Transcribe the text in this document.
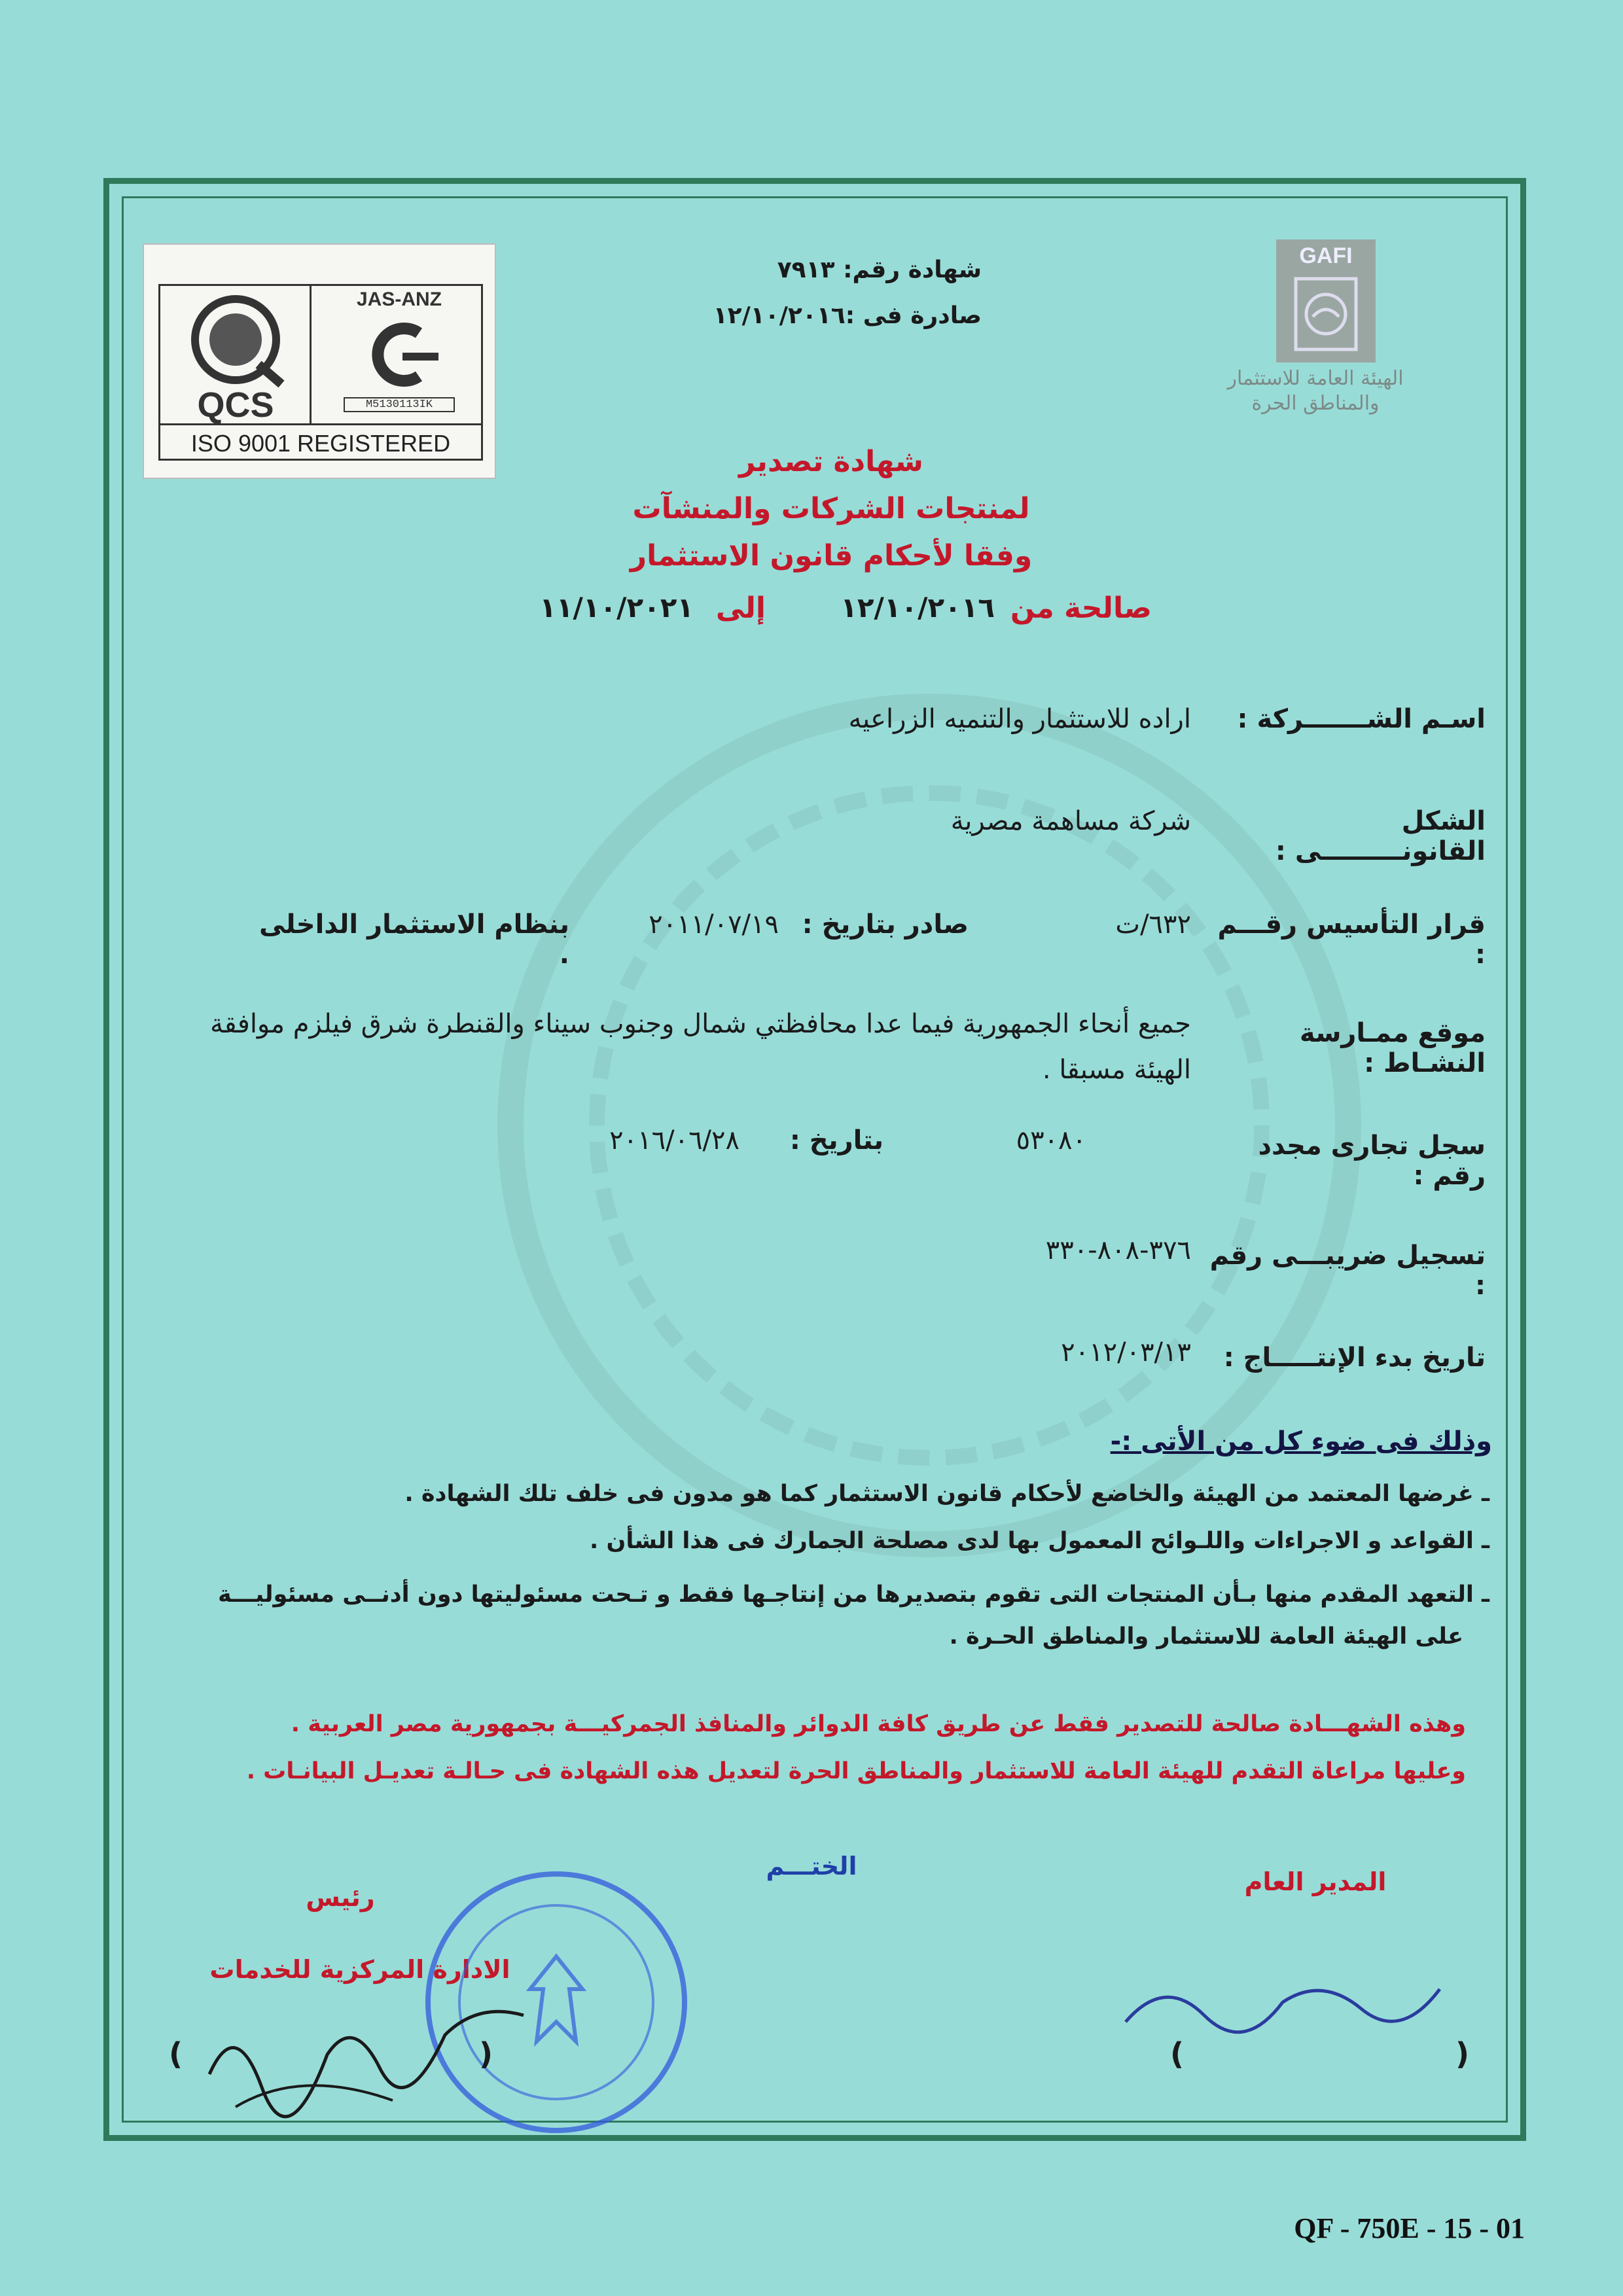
QCS
JAS-ANZ
M5130113IK
ISO 9001 REGISTERED
GAFI
الهيئة العامة للاستثمار
والمناطق الحرة
شهادة رقم: ٧٩١٣
صادرة فى :١٢/١٠/٢٠١٦
شهادة تصدير
لمنتجات الشركات والمنشآت
وفقا لأحكام قانون الاستثمار
صالحة من
١٢/١٠/٢٠١٦
إلى
١١/١٠/٢٠٢١
اسـم الشـــــــركة :
اراده للاستثمار والتنميه الزراعيه
الشكل القانونـــــــــى :
شركة مساهمة مصرية
قرار التأسيس رقـــم :
٦٣٢/ت
صادر بتاريخ :
٢٠١١/٠٧/١٩
بنظام الاستثمار الداخلى .
موقع ممـارسة النشـاط :
جميع أنحاء الجمهورية فيما عدا محافظتي شمال وجنوب سيناء والقنطرة شرق فيلزم موافقة
الهيئة مسبقا .
سجل تجارى مجدد رقم :
٥٣٠٨٠
بتاريخ :
٢٠١٦/٠٦/٢٨
تسجيل ضريبـــى رقم :
٣٧٦-٨٠٨-٣٣٠
تاريخ بدء الإنتـــــاج :
٢٠١٢/٠٣/١٣
وذلك فى ضوء كل من الأتى :-
ـ غرضها المعتمد من الهيئة والخاضع لأحكام قانون الاستثمار كما هو مدون فى خلف تلك الشهادة .
ـ القواعد و الاجراءات واللـوائح المعمول بها لدى مصلحة الجمارك فى هذا الشأن .
ـ التعهد المقدم منها بـأن المنتجات التى تقوم بتصديرها من إنتاجـها فقط و تـحت مسئوليتها دون أدنــى مسئوليـــة
على الهيئة العامة للاستثمار والمناطق الحـرة .
وهذه الشهـــادة صالحة للتصدير فقط عن طريق كافة الدوائر والمنافذ الجمركيـــة بجمهورية مصر العربية .
وعليها مراعاة التقدم للهيئة العامة للاستثمار والمناطق الحرة لتعديل هذه الشهادة فى حـالـة تعديـل البيانـات .
المدير العام
الختـــم
رئيس
الادارة المركزية للخدمات
(	)
(	)
QF - 750E - 15 - 01
